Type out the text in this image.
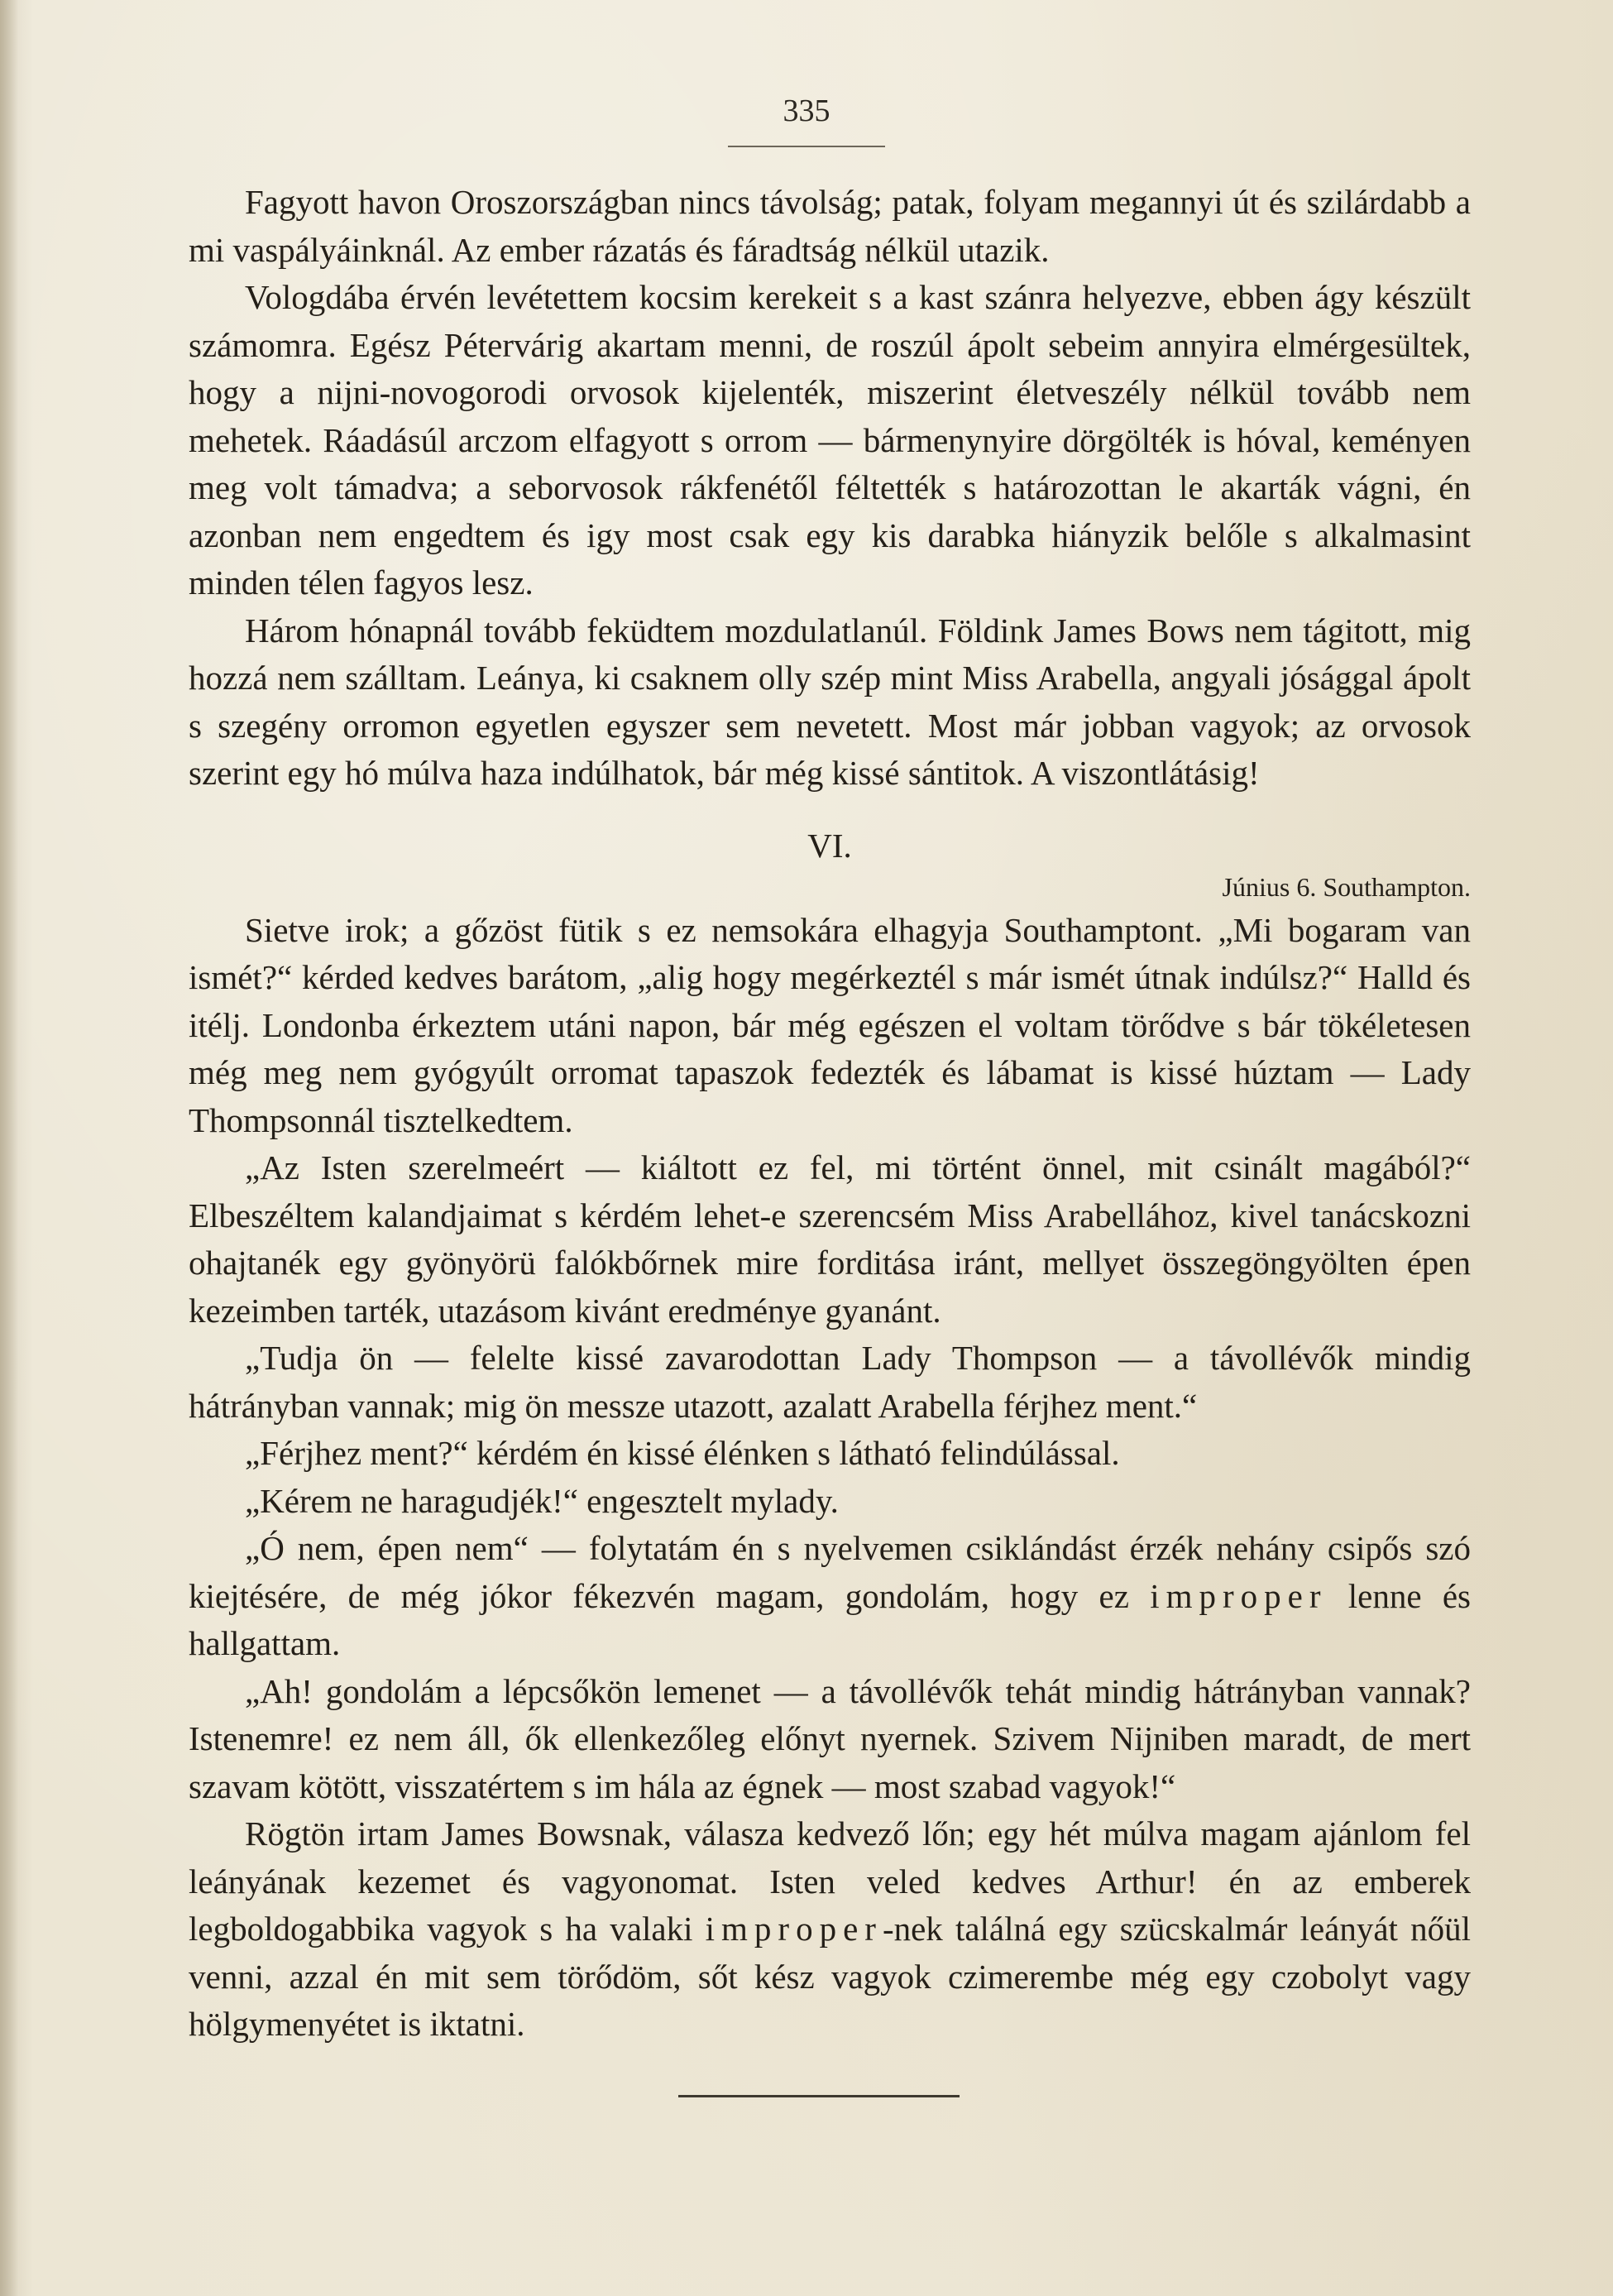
335

Fagyott havon Oroszországban nincs távolság; patak, folyam megannyi út és szilárdabb a mi vaspályáinknál. Az ember rázatás és fáradtság nélkül utazik.

Vologdába érvén levétettem kocsim kerekeit s a kast szánra helyezve, ebben ágy készült számomra. Egész Pétervárig akartam menni, de roszúl ápolt sebeim annyira elmérgesültek, hogy a nijni-novogorodi orvosok kijelenték, miszerint életveszély nélkül tovább nem mehetek. Ráadásúl arczom elfagyott s orrom — bármenynyire dörgölték is hóval, keményen meg volt támadva; a seborvosok rákfenétől féltették s határozottan le akarták vágni, én azonban nem engedtem és igy most csak egy kis darabka hiányzik belőle s alkalmasint minden télen fagyos lesz.

Három hónapnál tovább feküdtem mozdulatlanúl. Földink James Bows nem tágitott, mig hozzá nem szálltam. Leánya, ki csaknem olly szép mint Miss Arabella, angyali jósággal ápolt s szegény orromon egyetlen egyszer sem nevetett. Most már jobban vagyok; az orvosok szerint egy hó múlva haza indúlhatok, bár még kissé sántitok. A viszontlátásig!

VI.
Június 6. Southampton.

Sietve irok; a gőzöst fütik s ez nemsokára elhagyja Southamptont. „Mi bogaram van ismét?“ kérded kedves barátom, „alig hogy megérkeztél s már ismét útnak indúlsz?“ Halld és itélj. Londonba érkeztem utáni napon, bár még egészen el voltam törődve s bár tökéletesen még meg nem gyógyúlt orromat tapaszok fedezték és lábamat is kissé húztam — Lady Thompsonnál tisztelkedtem.

„Az Isten szerelmeért — kiáltott ez fel, mi történt önnel, mit csinált magából?“ Elbeszéltem kalandjaimat s kérdém lehet-e szerencsém Miss Arabellához, kivel tanácskozni ohajtanék egy gyönyörü falókbőrnek mire forditása iránt, mellyet összegöngyölten épen kezeimben tarték, utazásom kivánt eredménye gyanánt.

„Tudja ön — felelte kissé zavarodottan Lady Thompson — a távollévők mindig hátrányban vannak; mig ön messze utazott, azalatt Arabella férjhez ment.“

„Férjhez ment?“ kérdém én kissé élénken s látható felindúlással.

„Kérem ne haragudjék!“ engesztelt mylady.

„Ó nem, épen nem“ — folytatám én s nyelvemen csiklándást érzék nehány csipős szó kiejtésére, de még jókor fékezvén magam, gondolám, hogy ez improper lenne és hallgattam.

„Ah! gondolám a lépcsőkön lemenet — a távollévők tehát mindig hátrányban vannak? Istenemre! ez nem áll, ők ellenkezőleg előnyt nyernek. Szivem Nijniben maradt, de mert szavam kötött, visszatértem s im hála az égnek — most szabad vagyok!“

Rögtön irtam James Bowsnak, válasza kedvező lőn; egy hét múlva magam ajánlom fel leányának kezemet és vagyonomat. Isten veled kedves Arthur! én az emberek legboldogabbika vagyok s ha valaki improper-nek találná egy szücskalmár leányát nőül venni, azzal én mit sem törődöm, sőt kész vagyok czimerembe még egy czobolyt vagy hölgymenyétet is iktatni.
